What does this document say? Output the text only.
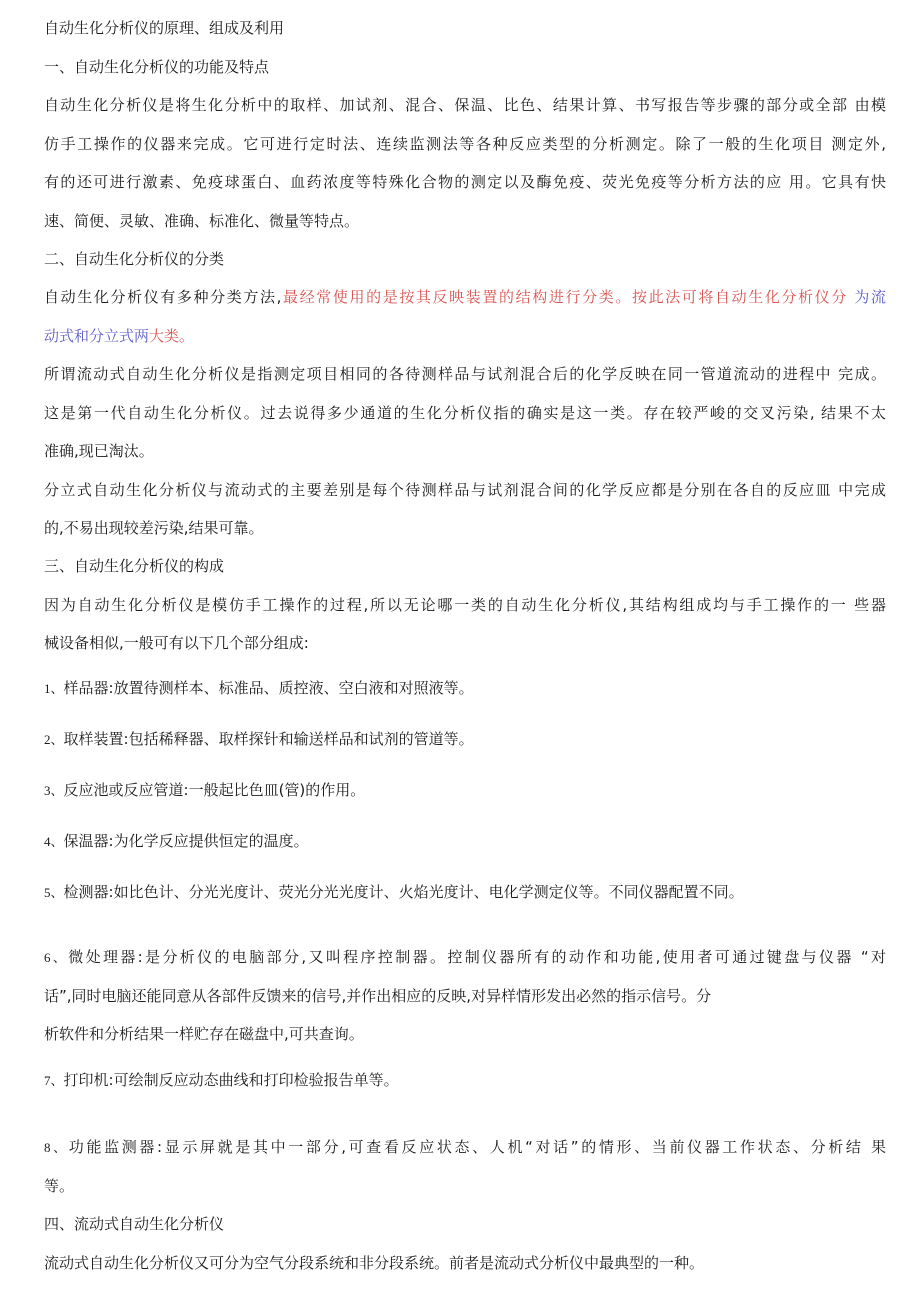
自动生化分析仪的原理、组成及利用

一、自动生化分析仪的功能及特点

自动生化分析仪是将生化分析中的取样、加试剂、混合、保温、比色、结果计算、书写报告等步骤的部分或全部 由模

仿手工操作的仪器来完成。它可进行定时法、连续监测法等各种反应类型的分析测定。除了一般的生化项目 测定外,

有的还可进行激素、免疫球蛋白、血药浓度等特殊化合物的测定以及酶免疫、荧光免疫等分析方法的应 用。它具有快

速、简便、灵敏、准确、标准化、微量等特点。

二、自动生化分析仪的分类

自动生化分析仪有多种分类方法,最经常使用的是按其反映装置的结构进行分类。按此法可将自动生化分析仪分 为流

动式和分立式两大类。

所谓流动式自动生化分析仪是指测定项目相同的各待测样品与试剂混合后的化学反映在同一管道流动的进程中 完成。

这是第一代自动生化分析仪。过去说得多少通道的生化分析仪指的确实是这一类。存在较严峻的交叉污染, 结果不太

准确,现已淘汰。

分立式自动生化分析仪与流动式的主要差别是每个待测样品与试剂混合间的化学反应都是分别在各自的反应皿 中完成

的,不易出现较差污染,结果可靠。

三、自动生化分析仪的构成

因为自动生化分析仪是模仿手工操作的过程,所以无论哪一类的自动生化分析仪,其结构组成均与手工操作的一 些器

械设备相似,一般可有以下几个部分组成:

1、样品器:放置待测样本、标准品、质控液、空白液和对照液等。

2、取样装置:包括稀释器、取样探针和输送样品和试剂的管道等。

3、反应池或反应管道:一般起比色皿(管)的作用。

4、保温器:为化学反应提供恒定的温度。

5、检测器:如比色计、分光光度计、荧光分光光度计、火焰光度计、电化学测定仪等。不同仪器配置不同。

6、微处理器:是分析仪的电脑部分,又叫程序控制器。控制仪器所有的动作和功能,使用者可通过键盘与仪器 “对

话”,同时电脑还能同意从各部件反馈来的信号,并作出相应的反映,对异样情形发出必然的指示信号。分

析软件和分析结果一样贮存在磁盘中,可共查询。

7、打印机:可绘制反应动态曲线和打印检验报告单等。

8、功能监测器:显示屏就是其中一部分,可查看反应状态、人机“对话”的情形、当前仪器工作状态、分析结 果

等。

四、流动式自动生化分析仪

流动式自动生化分析仪又可分为空气分段系统和非分段系统。前者是流动式分析仪中最典型的一种。
